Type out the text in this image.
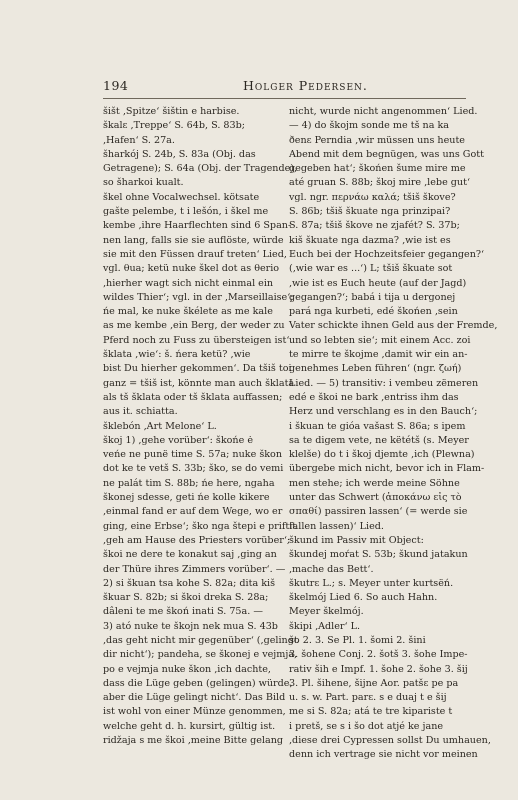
194	Holger Pedersen.
šišt ‚Spitze‘ šištin e harbise.
škalɛ ‚Treppe‘ S. 64b, S. 83b;
‚Hafen‘ S. 27a.
šharkój S. 24b, S. 83a (Obj. das
Getragene); S. 64a (Obj. der Tragende),
so šharkoi kualt.
škel ohne Vocalwechsel. kötsate
gašte pelembe, t i lešón, i škel me
kembe ‚ihre Haarflechten sind 6 Span-
nen lang, falls sie sie auflöste, würde
sie mit den Füssen drauf treten‘ Lied,
vgl. θua; ketü nuke škel dot as θerio
‚hierher wagt sich nicht einmal ein
wildes Thier‘; vgl. in der ‚Marseillaise‘;
ńe mal, ke nuke škélete as me kale
as me kembe ‚ein Berg, der weder zu
Pferd noch zu Fuss zu übersteigen ist‘.
šklata ‚wie‘: š. ńera ketü? ‚wie
bist Du hierher gekommen‘. Da tšiš toi
ganz = tšiš ist, könnte man auch šklata
als tš šklata oder tš šklata auffassen;
aus it. schiatta.
šklebón ‚Art Melone‘ L.
škoj 1) ‚gehe vorüber‘: škońe ė
veńe ne punë time S. 57a; nuke škon
dot ke te vetš S. 33b; ško, se do vemi
ne palát tim S. 88b; ńe here, ngaha
škonej sdesse, geti ńe kolle kikere
‚einmal fand er auf dem Wege, wo er
ging, eine Erbse‘; ško nga štepi e priftit
‚geh am Hause des Priesters vorüber‘;
škoi ne dere te konakut saj ‚ging an
der Thüre ihres Zimmers vorüber‘. —
2) si škuan tsa kohe S. 82a; dita kiš
škuar S. 82b; si škoi dreka S. 28a;
dâleni te me škoń inati S. 75a. —
3) ató nuke te škojn nek mua S. 43b
‚das geht nicht mir gegenüber‘ (‚gelingt
dir nicht‘); pandeha, se škonej e vejmja,
po e vejmja nuke škon ‚ich dachte,
dass die Lüge geben (gelingen) würde,
aber die Lüge gelingt nicht‘. Das Bild
ist wohl von einer Münze genommen,
welche geht d. h. kursirt, gültig ist.
ridžaja s me škoi ‚meine Bitte gelang
nicht, wurde nicht angenommen‘ Lied.
— 4) do škojm sonde me tš na ka
ðenε Perndia ‚wir müssen uns heute
Abend mit dem begnügen, was uns Gott
gegeben hat‘; škońen šume mire me
até gruan S. 88b; škoj mire ‚lebe gut‘
vgl. ngr. περνάω καλά; tšiš škove?
S. 86b; tšiš škuate nga prinzipai?
S. 87a; tšiš škove ne zjafét? S. 37b;
kiš škuate nga dazma? ‚wie ist es
Euch bei der Hochzeitsfeier gegangen?‘
(‚wie war es ...‘) L; tšiš škuate sot
‚wie ist es Euch heute (auf der Jagd)
gegangen?‘; babá i tija u dergonej
pará nga kurbeti, edé škońen ‚sein
Vater schickte ihnen Geld aus der Fremde,
und so lebten sie‘; mit einem Acc. zoi
te mirre te škojme ‚damit wir ein an-
genehmes Leben führen‘ (ngr. ζωή)
Lied. — 5) transitiv: i vembeu zëmeren
edé e škoi ne bark ‚entriss ihm das
Herz und verschlang es in den Bauch‘;
i škuan te gióa vašast S. 86a; s ipem
sa te digem vete, ne këtétš (s. Meyer
klelše) do t i škoj djemte ‚ich (Plewna)
übergebe mich nicht, bevor ich in Flam-
men stehe; ich werde meine Söhne
unter das Schwert (ἀποκάνω εἰς τὸ
σπαθί) passiren lassen‘ (= werde sie
fallen lassen)‘ Lied.
škund im Passiv mit Object:
škundej moŕat S. 53b; škund jatakun
‚mache das Bett‘.
škutrε L.; s. Meyer unter kurtsëń.
škelmój Lied 6. So auch Hahn.
Meyer škelmój.
škipi ‚Adler‘ L.
šo 2. 3. Se Pl. 1. šomi 2. šini
3. šohene Conj. 2. šotš 3. šohe Impe-
rativ ših e Impf. 1. šohe 2. šohe 3. šij
3. Pl. šihene, šijne Aor. patšε pe pa
u. s. w. Part. parε. s e duaj t e šij
me si S. 82a; atá te tre kipariste t
i pretš, se s i šo dot atjé ke jane
‚diese drei Cypressen sollst Du umhauen,
denn ich vertrage sie nicht vor meinen
